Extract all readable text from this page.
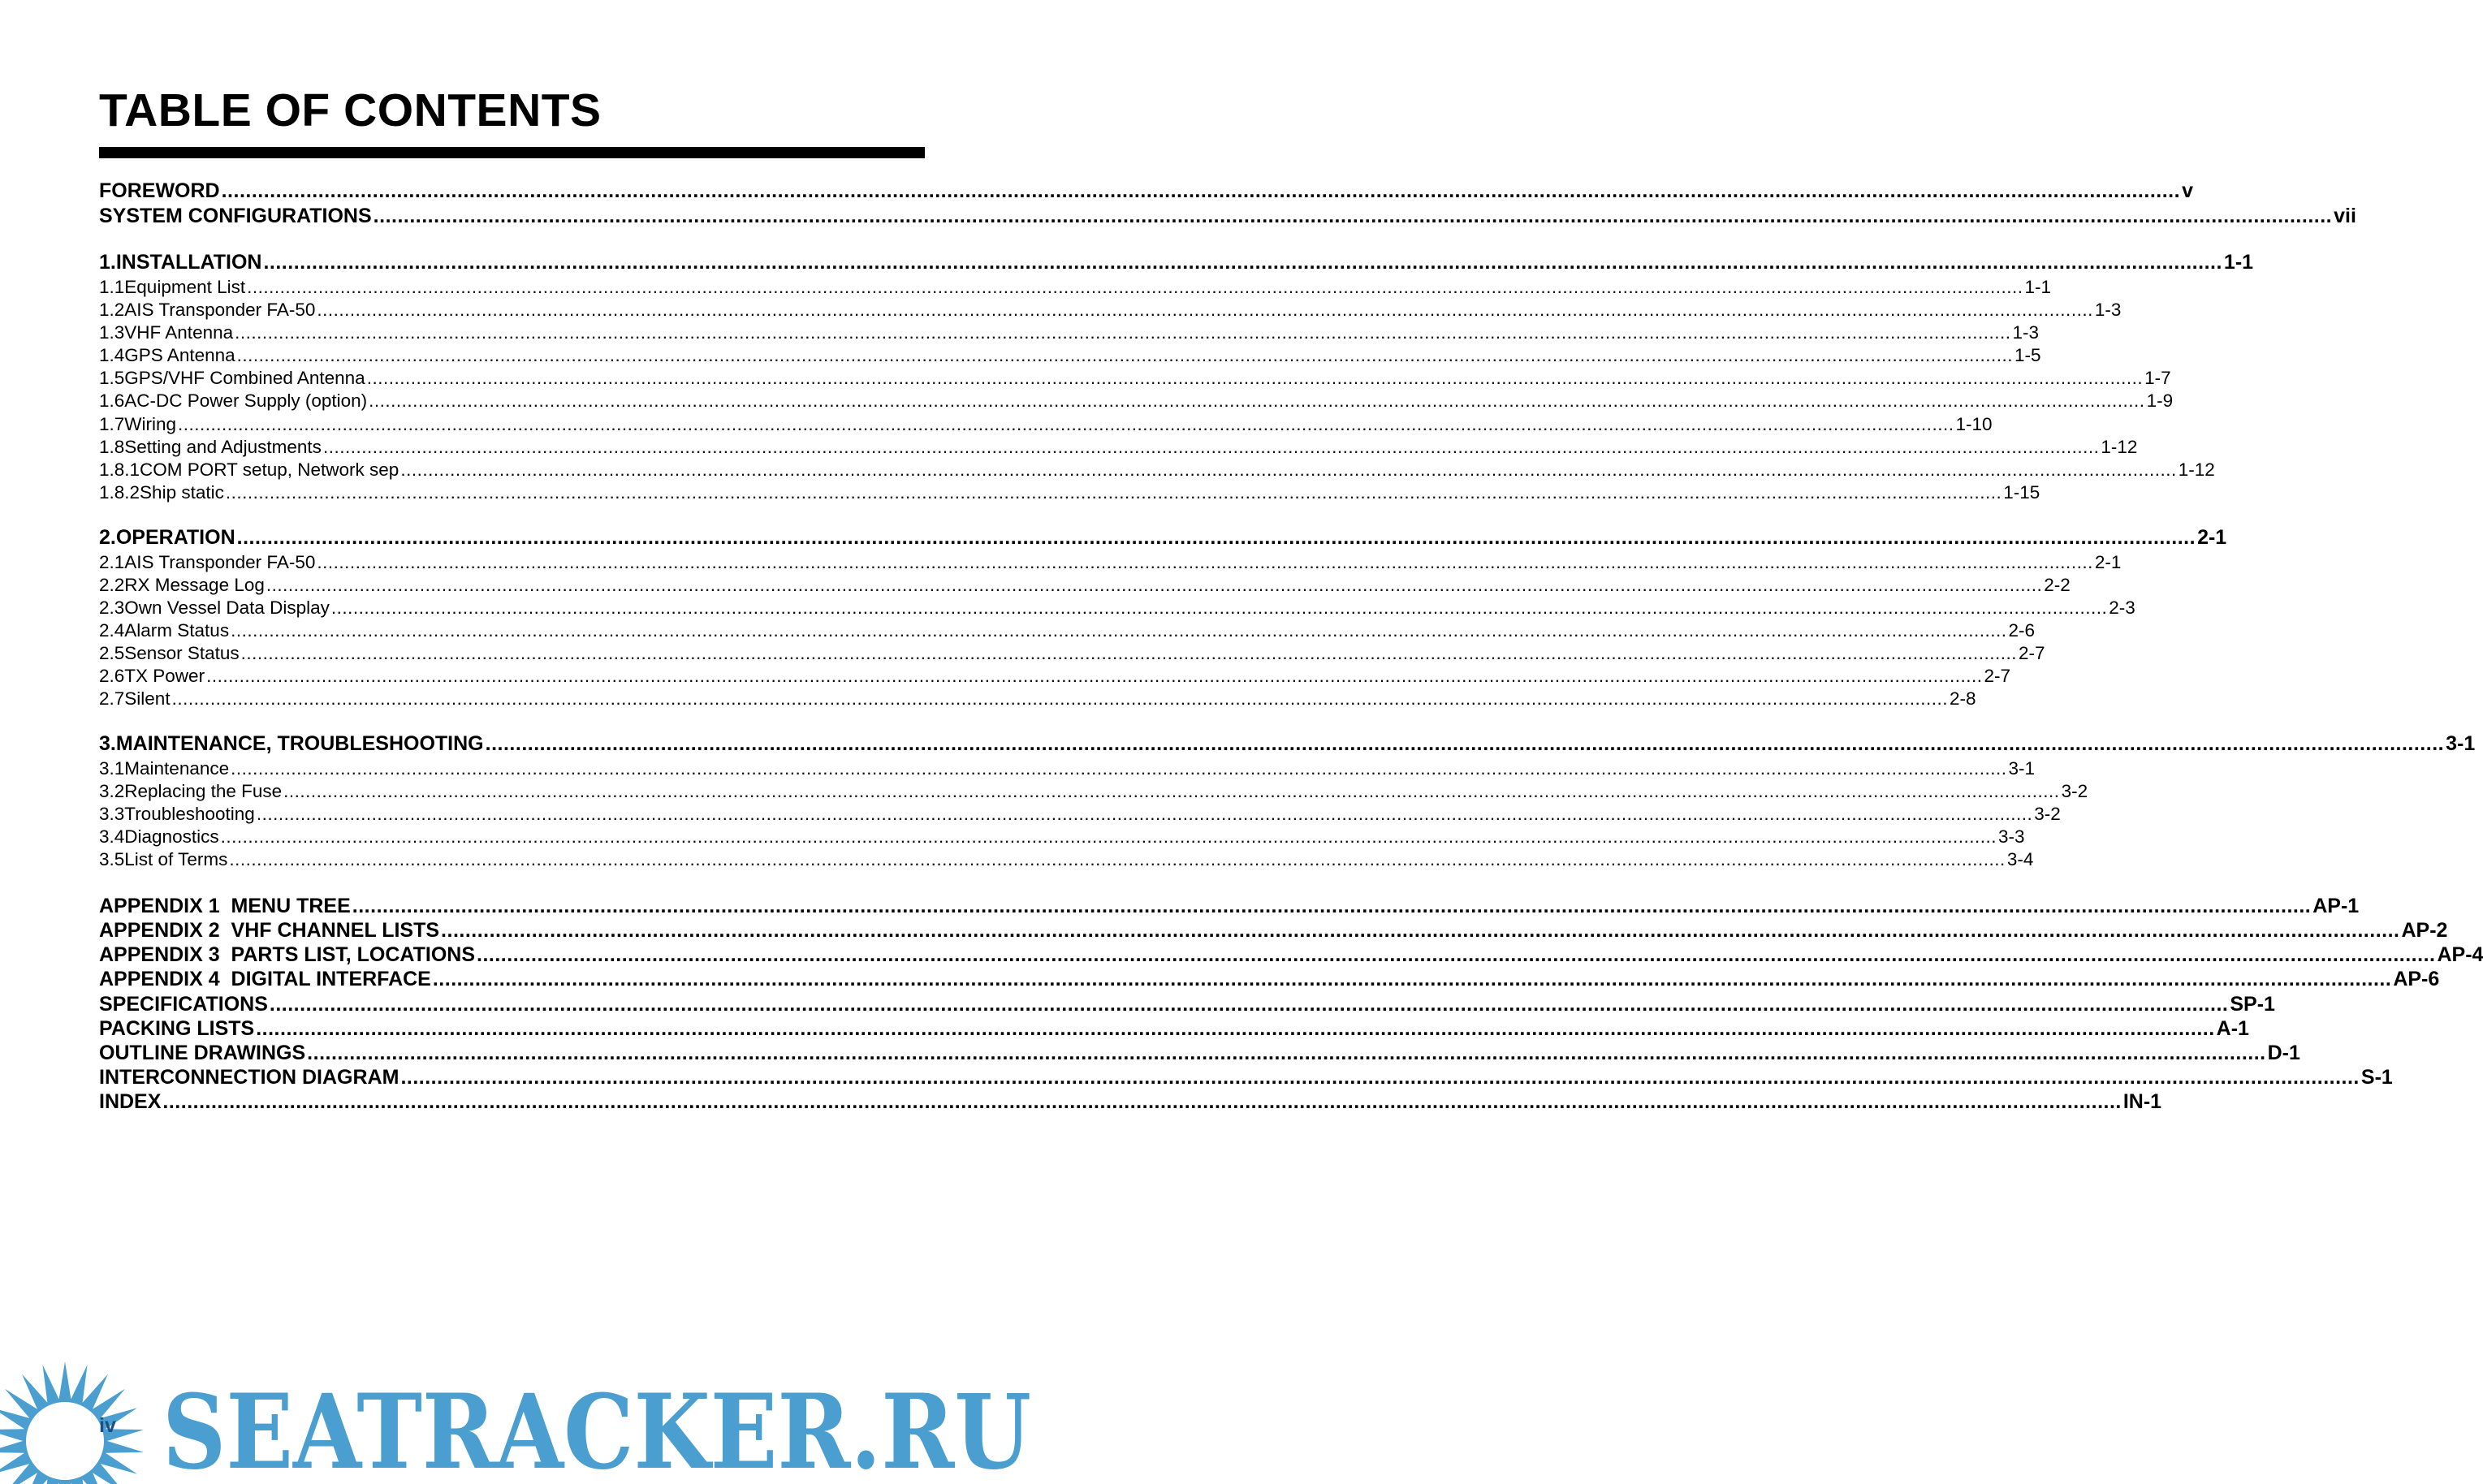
TABLE OF CONTENTS
FOREWORD .....	v
SYSTEM CONFIGURATIONS .....	vii
1. INSTALLATION .....	1-1
1.1 Equipment List .....	1-1
1.2 AIS Transponder FA-50 .....	1-3
1.3 VHF Antenna .....	1-3
1.4 GPS Antenna .....	1-5
1.5 GPS/VHF Combined Antenna .....	1-7
1.6 AC-DC Power Supply (option) .....	1-9
1.7 Wiring .....	1-10
1.8 Setting and Adjustments .....	1-12
1.8.1 COM PORT setup, Network sep .....	1-12
1.8.2 Ship static .....	1-15
2. OPERATION .....	2-1
2.1 AIS Transponder FA-50 .....	2-1
2.2 RX Message Log .....	2-2
2.3 Own Vessel Data Display .....	2-3
2.4 Alarm Status .....	2-6
2.5 Sensor Status .....	2-7
2.6 TX Power .....	2-7
2.7 Silent .....	2-8
3. MAINTENANCE, TROUBLESHOOTING .....	3-1
3.1 Maintenance .....	3-1
3.2 Replacing the Fuse .....	3-2
3.3 Troubleshooting .....	3-2
3.4 Diagnostics .....	3-3
3.5 List of Terms .....	3-4
APPENDIX 1  MENU TREE .....	AP-1
APPENDIX 2  VHF CHANNEL LISTS .....	AP-2
APPENDIX 3  PARTS LIST, LOCATIONS .....	AP-4
APPENDIX 4  DIGITAL INTERFACE .....	AP-6
SPECIFICATIONS .....	SP-1
PACKING LISTS .....	A-1
OUTLINE DRAWINGS .....	D-1
INTERCONNECTION DIAGRAM .....	S-1
INDEX .....	IN-1
SEATRACKER.RU
iv
